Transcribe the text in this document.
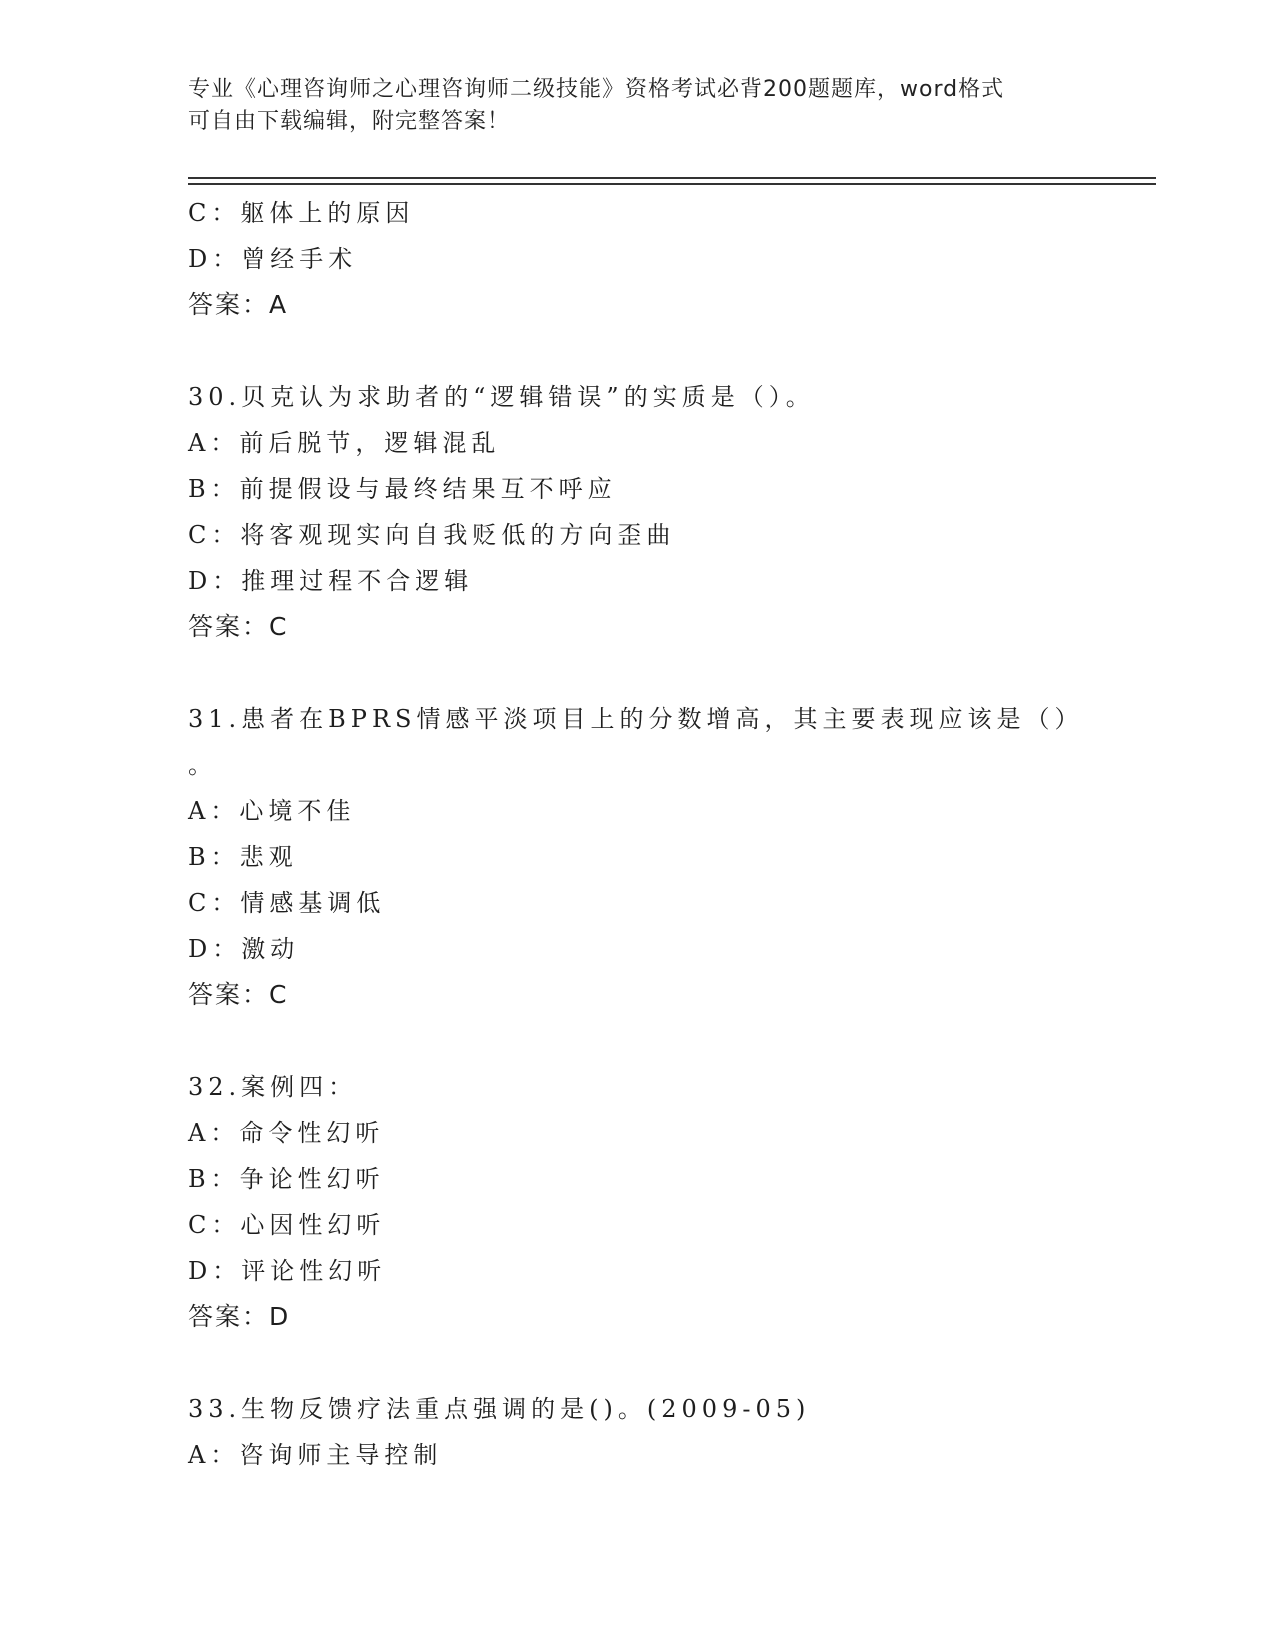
专业《心理咨询师之心理咨询师二级技能》资格考试必背200题题库，word格式
可自由下载编辑，附完整答案！
C：躯体上的原因
D：曾经手术
答案：A
30.贝克认为求助者的“逻辑错误”的实质是（）。
A：前后脱节，逻辑混乱
B：前提假设与最终结果互不呼应
C：将客观现实向自我贬低的方向歪曲
D：推理过程不合逻辑
答案：C
31.患者在BPRS情感平淡项目上的分数增高，其主要表现应该是（）
。
A：心境不佳
B：悲观
C：情感基调低
D：激动
答案：C
32.案例四：
A：命令性幻听
B：争论性幻听
C：心因性幻听
D：评论性幻听
答案：D
33.生物反馈疗法重点强调的是()。(2009-05)
A：咨询师主导控制
